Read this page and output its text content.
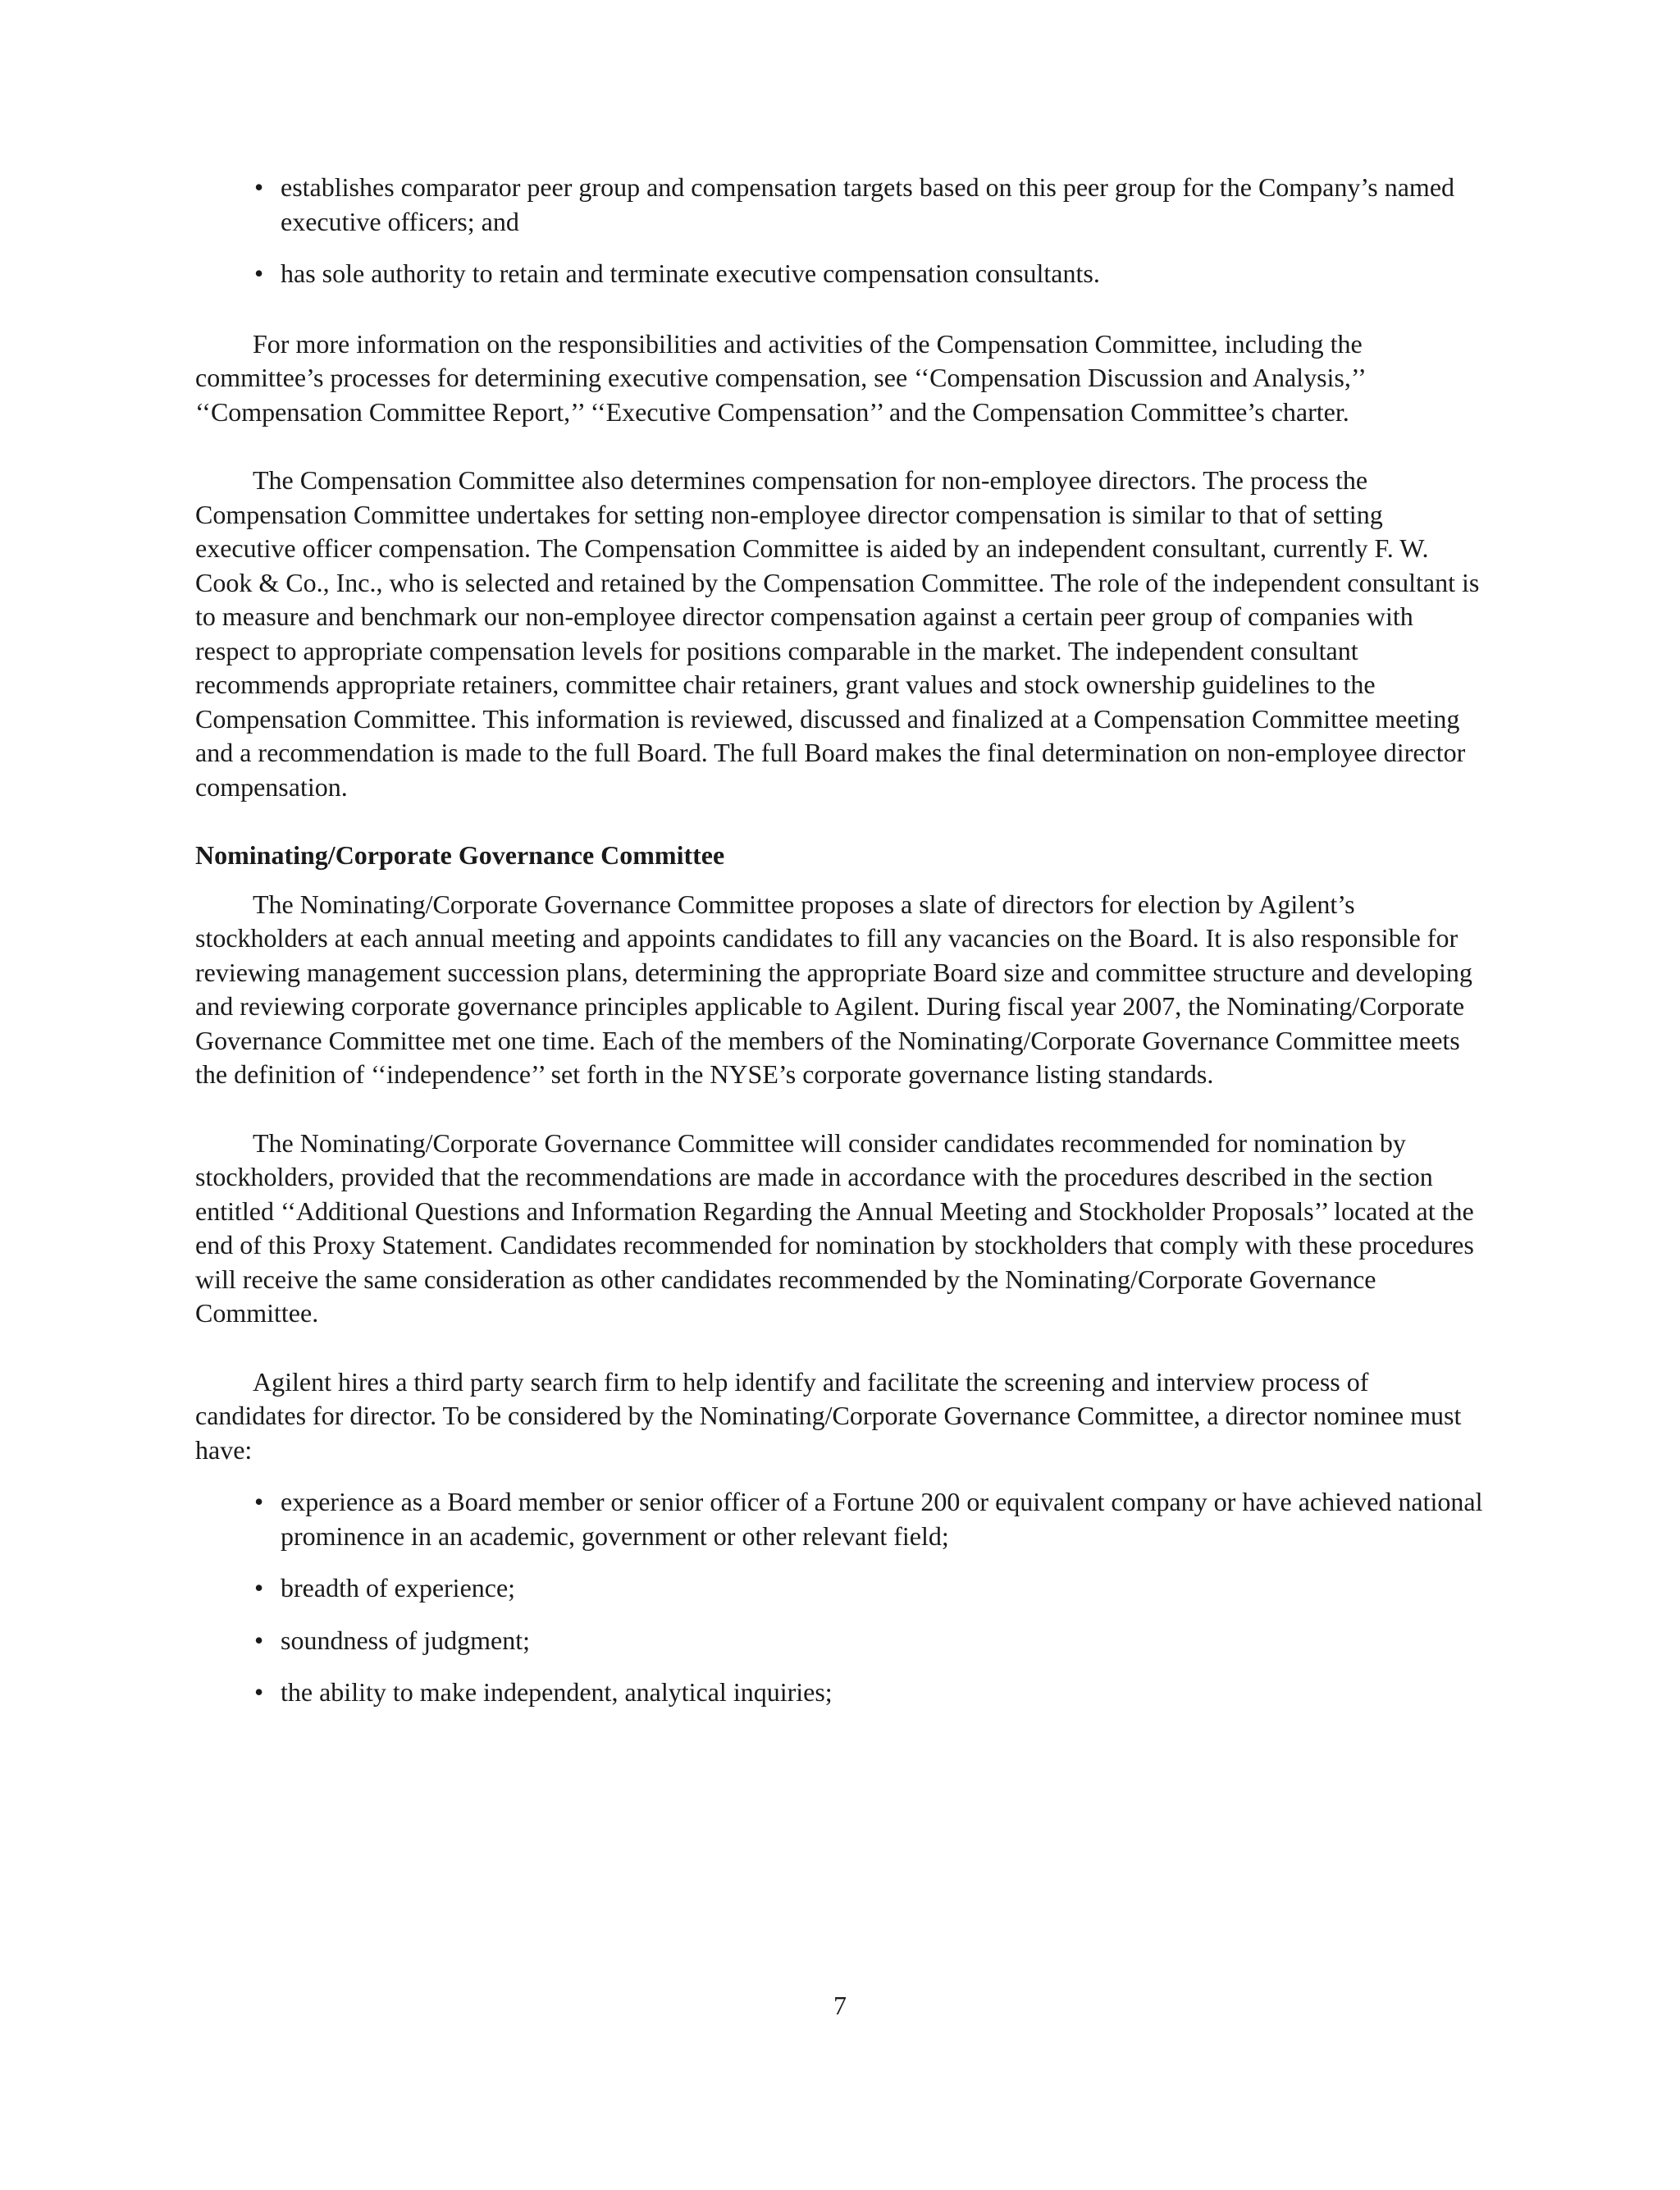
• establishes comparator peer group and compensation targets based on this peer group for the Company’s named executive officers; and
• has sole authority to retain and terminate executive compensation consultants.

For more information on the responsibilities and activities of the Compensation Committee, including the committee’s processes for determining executive compensation, see ‘‘Compensation Discussion and Analysis,’’ ‘‘Compensation Committee Report,’’ ‘‘Executive Compensation’’ and the Compensation Committee’s charter.

The Compensation Committee also determines compensation for non-employee directors. The process the Compensation Committee undertakes for setting non-employee director compensation is similar to that of setting executive officer compensation. The Compensation Committee is aided by an independent consultant, currently F. W. Cook & Co., Inc., who is selected and retained by the Compensation Committee. The role of the independent consultant is to measure and benchmark our non-employee director compensation against a certain peer group of companies with respect to appropriate compensation levels for positions comparable in the market. The independent consultant recommends appropriate retainers, committee chair retainers, grant values and stock ownership guidelines to the Compensation Committee. This information is reviewed, discussed and finalized at a Compensation Committee meeting and a recommendation is made to the full Board. The full Board makes the final determination on non-employee director compensation.

Nominating/Corporate Governance Committee

The Nominating/Corporate Governance Committee proposes a slate of directors for election by Agilent’s stockholders at each annual meeting and appoints candidates to fill any vacancies on the Board. It is also responsible for reviewing management succession plans, determining the appropriate Board size and committee structure and developing and reviewing corporate governance principles applicable to Agilent. During fiscal year 2007, the Nominating/Corporate Governance Committee met one time. Each of the members of the Nominating/Corporate Governance Committee meets the definition of ‘‘independence’’ set forth in the NYSE’s corporate governance listing standards.

The Nominating/Corporate Governance Committee will consider candidates recommended for nomination by stockholders, provided that the recommendations are made in accordance with the procedures described in the section entitled ‘‘Additional Questions and Information Regarding the Annual Meeting and Stockholder Proposals’’ located at the end of this Proxy Statement. Candidates recommended for nomination by stockholders that comply with these procedures will receive the same consideration as other candidates recommended by the Nominating/Corporate Governance Committee.

Agilent hires a third party search firm to help identify and facilitate the screening and interview process of candidates for director. To be considered by the Nominating/Corporate Governance Committee, a director nominee must have:

• experience as a Board member or senior officer of a Fortune 200 or equivalent company or have achieved national prominence in an academic, government or other relevant field;
• breadth of experience;
• soundness of judgment;
• the ability to make independent, analytical inquiries;
7
